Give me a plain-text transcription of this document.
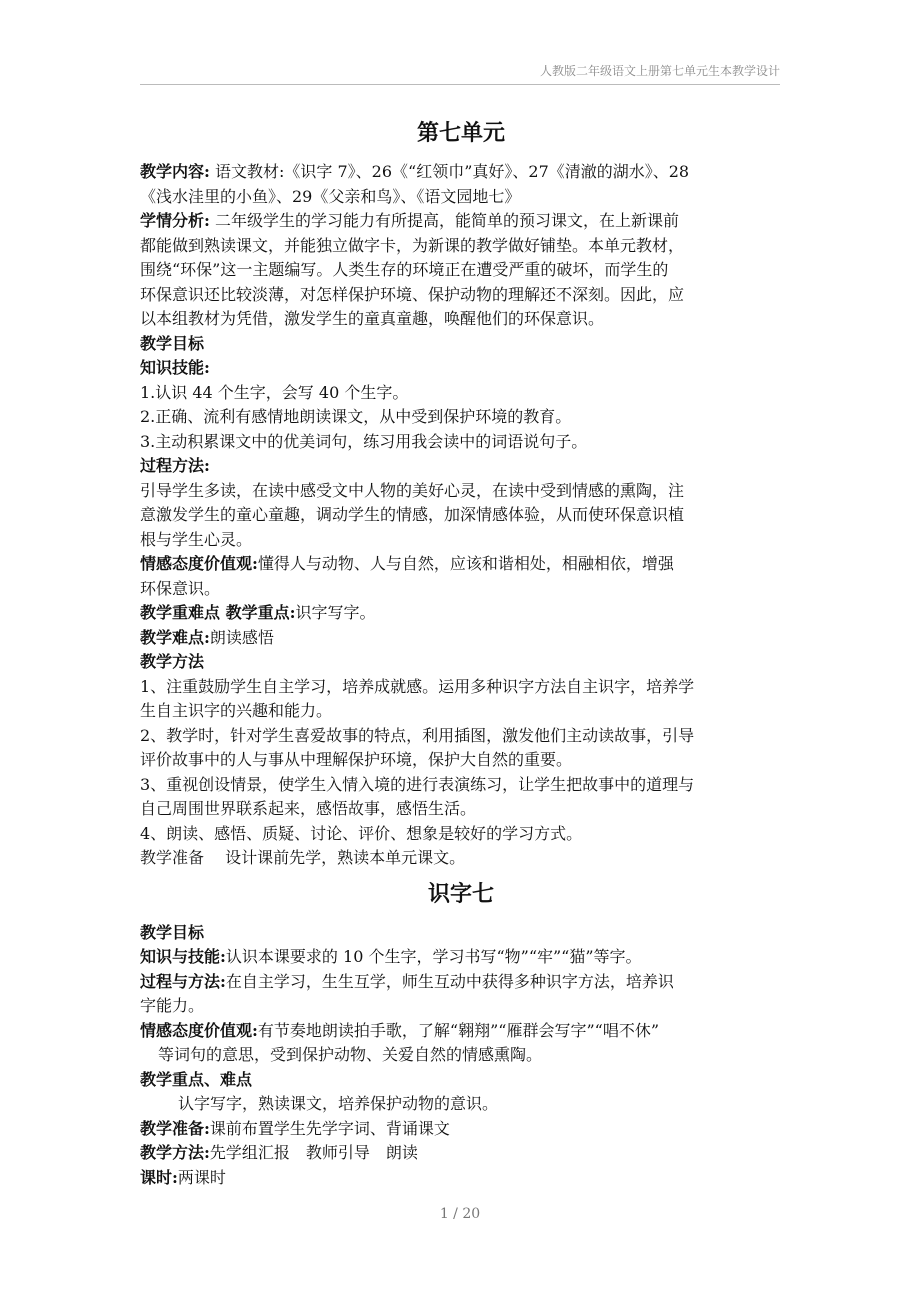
人教版二年级语文上册第七单元生本教学设计
第七单元

教学内容: 语文教材:《识字 7》、26《“红领巾”真好》、27《清澈的湖水》、28

《浅水洼里的小鱼》、29《父亲和鸟》、《语文园地七》

学情分析: 二年级学生的学习能力有所提高，能简单的预习课文，在上新课前

都能做到熟读课文，并能独立做字卡，为新课的教学做好铺垫。本单元教材，

围绕“环保”这一主题编写。人类生存的环境正在遭受严重的破坏，而学生的

环保意识还比较淡薄，对怎样保护环境、保护动物的理解还不深刻。因此，应

以本组教材为凭借，激发学生的童真童趣，唤醒他们的环保意识。

教学目标

知识技能:

1.认识 44 个生字，会写 40 个生字。

2.正确、流利有感情地朗读课文，从中受到保护环境的教育。

3.主动积累课文中的优美词句，练习用我会读中的词语说句子。

过程方法:

引导学生多读，在读中感受文中人物的美好心灵，在读中受到情感的熏陶，注

意激发学生的童心童趣，调动学生的情感，加深情感体验，从而使环保意识植

根与学生心灵。

情感态度价值观:懂得人与动物、人与自然，应该和谐相处，相融相依，增强

环保意识。

教学重难点 教学重点:识字写字。

教学难点:朗读感悟

教学方法

1、注重鼓励学生自主学习，培养成就感。运用多种识字方法自主识字，培养学

生自主识字的兴趣和能力。

2、教学时，针对学生喜爱故事的特点，利用插图，激发他们主动读故事，引导

评价故事中的人与事从中理解保护环境，保护大自然的重要。

3、重视创设情景，使学生入情入境的进行表演练习，让学生把故事中的道理与

自己周围世界联系起来，感悟故事，感悟生活。

4、朗读、感悟、质疑、讨论、评价、想象是较好的学习方式。

教学准备　 设计课前先学，熟读本单元课文。

识字七

教学目标

知识与技能:认识本课要求的 10 个生字，学习书写“物”“牢”“猫”等字。

过程与方法:在自主学习，生生互学，师生互动中获得多种识字方法，培养识

字能力。

情感态度价值观:有节奏地朗读拍手歌，了解“翱翔”“雁群会写字”“唱不休”

等词句的意思，受到保护动物、关爱自然的情感熏陶。

教学重点、难点

认字写字，熟读课文，培养保护动物的意识。

教学准备:课前布置学生先学字词、背诵课文

教学方法:先学组汇报　教师引导　朗读

课时:两课时

1 / 20
